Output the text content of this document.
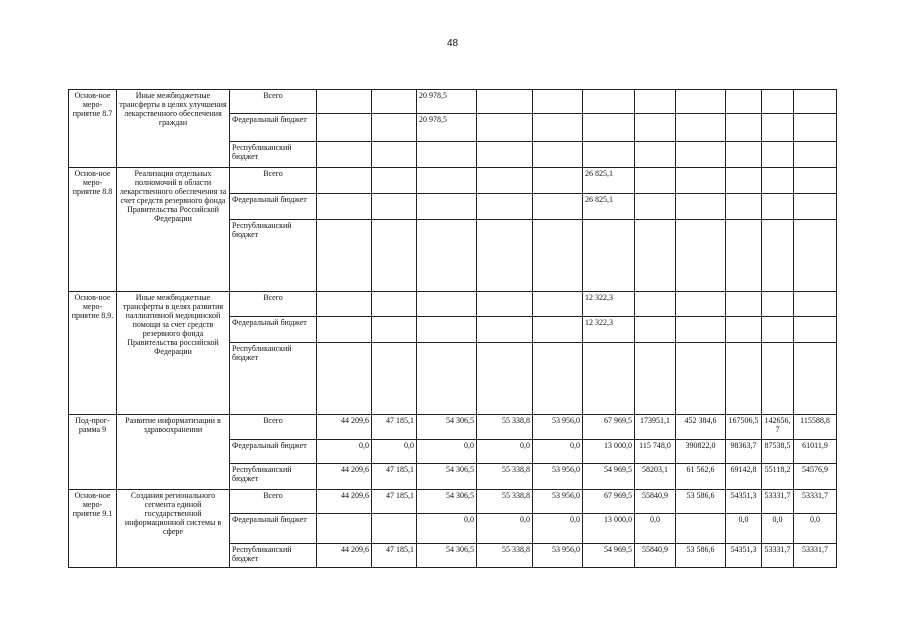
48
Основ-ное меро-приятие 8.7	Иные межбюджетные трансферты в целях улучшения лекарственного обеспечения граждан	Всего			20 978,5								
		Федеральный бюджет			20 978,5								
		Республиканский бюджет											
Основ-ное меро-приятие 8.8	Реализация отдельных полномочий в области лекарственного обеспечения за счет средств резервного фонда Правительства Российской Федерации	Всего						26 825,1					
		Федеральный бюджет						26 825,1					
		Республиканский бюджет											
Основ-ное меро-приятие 8.9.	Иные межбюджетные трансферты в целях развития паллиативной медицинской помощи за счет средств резервного фонда Правительства российской Федерации	Всего						12 322,3					
		Федеральный бюджет						12 322,3					
		Республиканский бюджет											
Под-прог-рамма 9	Развитие информатизации в здравоохранении	Всего	44 209,6	47 185,1	54 306,5	55 338,8	53 956,0	67 969,5	173951,1	452 384,6	167506,5	142656,7	115588,8
		Федеральный бюджет	0,0	0,0	0,0	0,0	0,0	13 000,0	115 748,0	390822,0	98363,7	87538,5	61011,9
		Республиканский бюджет	44 209,6	47 185,1	54 306,5	55 338,8	53 956,0	54 969,5	58203,1	61 562,6	69142,8	55118,2	54576,9
Основ-ное меро-приятие 9.1	Создания регионального сегмента единой государственной информационной системы в сфере	Всего	44 209,6	47 185,1	54 306,5	55 338,8	53 956,0	67 969,5	55840,9	53 586,6	54351,3	53331,7	53331,7
		Федеральный бюджет			0,0	0,0	0,0	13 000,0	0,0		0,0	0,0	0,0
		Республиканский бюджет	44 209,6	47 185,1	54 306,5	55 338,8	53 956,0	54 969,5	55840,9	53 586,6	54351,3	53331,7	53331,7
